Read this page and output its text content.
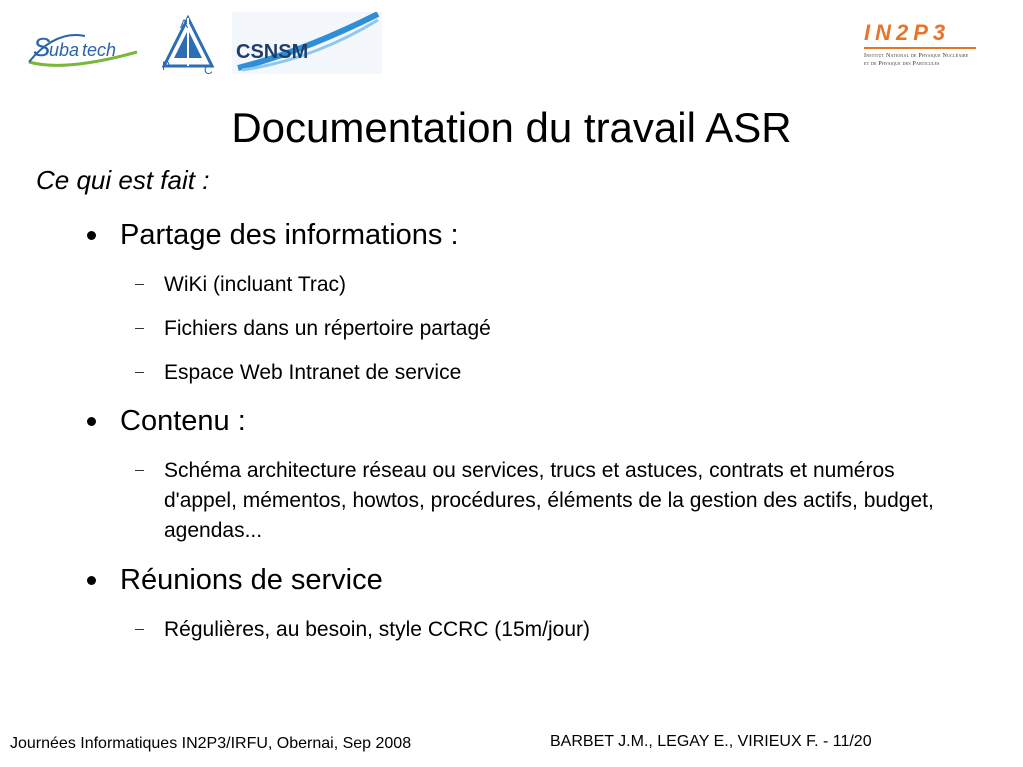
S
uba tech
A
P	C
CSNSM
IN2P3
Institut National de Physique Nucléaire
et de Physique des Particules
Documentation du travail ASR
Ce qui est fait :
Partage des informations :
WiKi (incluant Trac)
Fichiers dans un répertoire partagé
Espace Web Intranet de service
Contenu :
Schéma architecture réseau ou services, trucs et astuces, contrats et numéros d'appel, mémentos, howtos, procédures, éléments de la gestion des actifs, budget, agendas...
Réunions de service
Régulières, au besoin, style CCRC (15m/jour)
Journées Informatiques IN2P3/IRFU, Obernai, Sep 2008	BARBET J.M., LEGAY E., VIRIEUX F. - 11/20
